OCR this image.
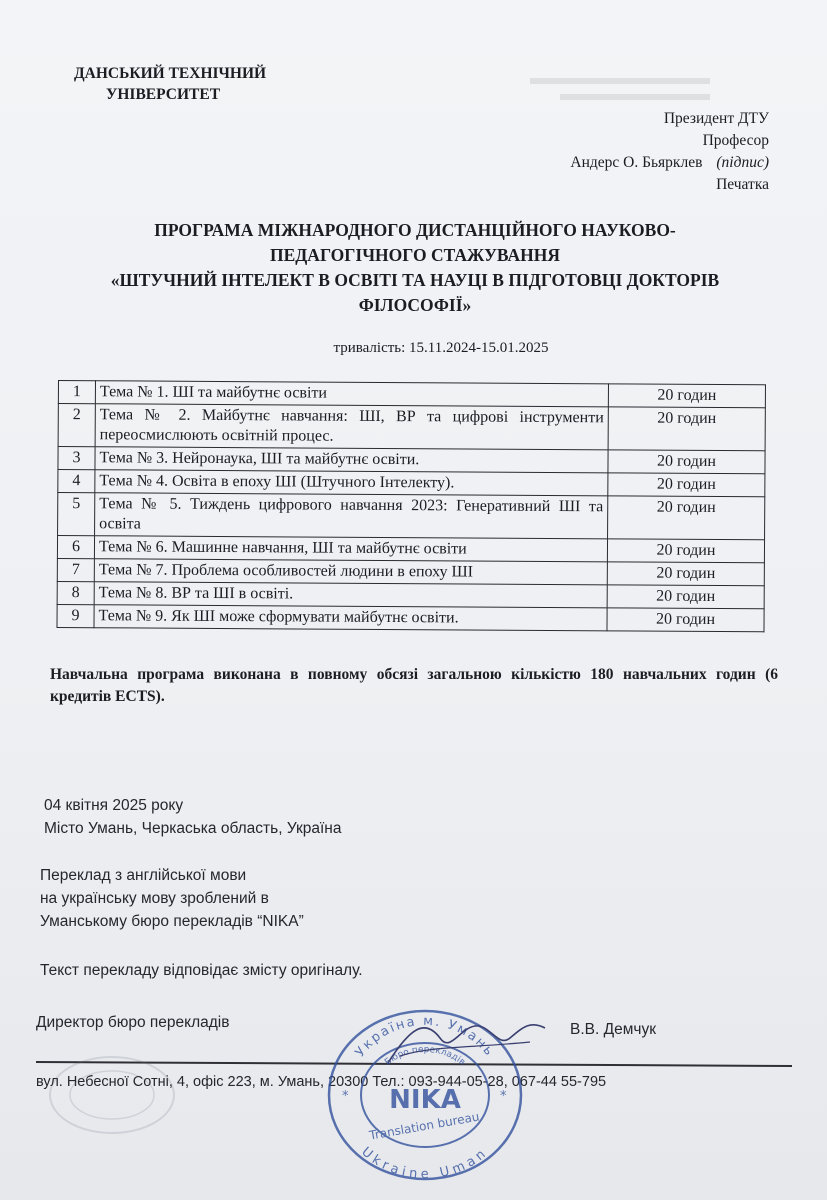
ДАНСЬКИЙ ТЕХНІЧНИЙ
УНІВЕРСИТЕТ
Президент ДТУ
Професор
Андерс О. Бьярклев (підпис)
Печатка
ПРОГРАМА МІЖНАРОДНОГО ДИСТАНЦІЙНОГО НАУКОВО-
ПЕДАГОГІЧНОГО СТАЖУВАННЯ
«ШТУЧНИЙ ІНТЕЛЕКТ В ОСВІТІ ТА НАУЦІ В ПІДГОТОВЦІ ДОКТОРІВ
ФІЛОСОФІЇ»
тривалість: 15.11.2024-15.01.2025
1	Тема № 1. ШІ та майбутнє освіти	20 годин
2	Тема № 2. Майбутнє навчання: ШІ, ВР та цифрові інструменти переосмислюють освітній процес.	20 годин
3	Тема № 3. Нейронаука, ШІ та майбутнє освіти.	20 годин
4	Тема № 4. Освіта в епоху ШІ (Штучного Інтелекту).	20 годин
5	Тема № 5. Тиждень цифрового навчання 2023: Генеративний ШІ та освіта	20 годин
6	Тема № 6. Машинне навчання, ШІ та майбутнє освіти	20 годин
7	Тема № 7. Проблема особливостей людини в епоху ШІ	20 годин
8	Тема № 8. ВР та ШІ в освіті.	20 годин
9	Тема № 9. Як ШІ може сформувати майбутнє освіти.	20 годин
Навчальна програма виконана в повному обсязі загальною кількістю 180 навчальних годин (6 кредитів ECTS).
04 квітня 2025 року
Місто Умань, Черкаська область, Україна
Переклад з англійської мови
на українську мову зроблений в
Уманському бюро перекладів “NIKA”
Текст перекладу відповідає змісту оригіналу.
Директор бюро перекладів	В.В. Демчук
вул. Небесної Сотні, 4, офіс 223, м. Умань, 20300 Тел.: 093-944-05-28, 067-44 55-795
Україна м. Умань
Ukraine Uman
Бюро перекладів
NIKA
Translation bureau
*	*
